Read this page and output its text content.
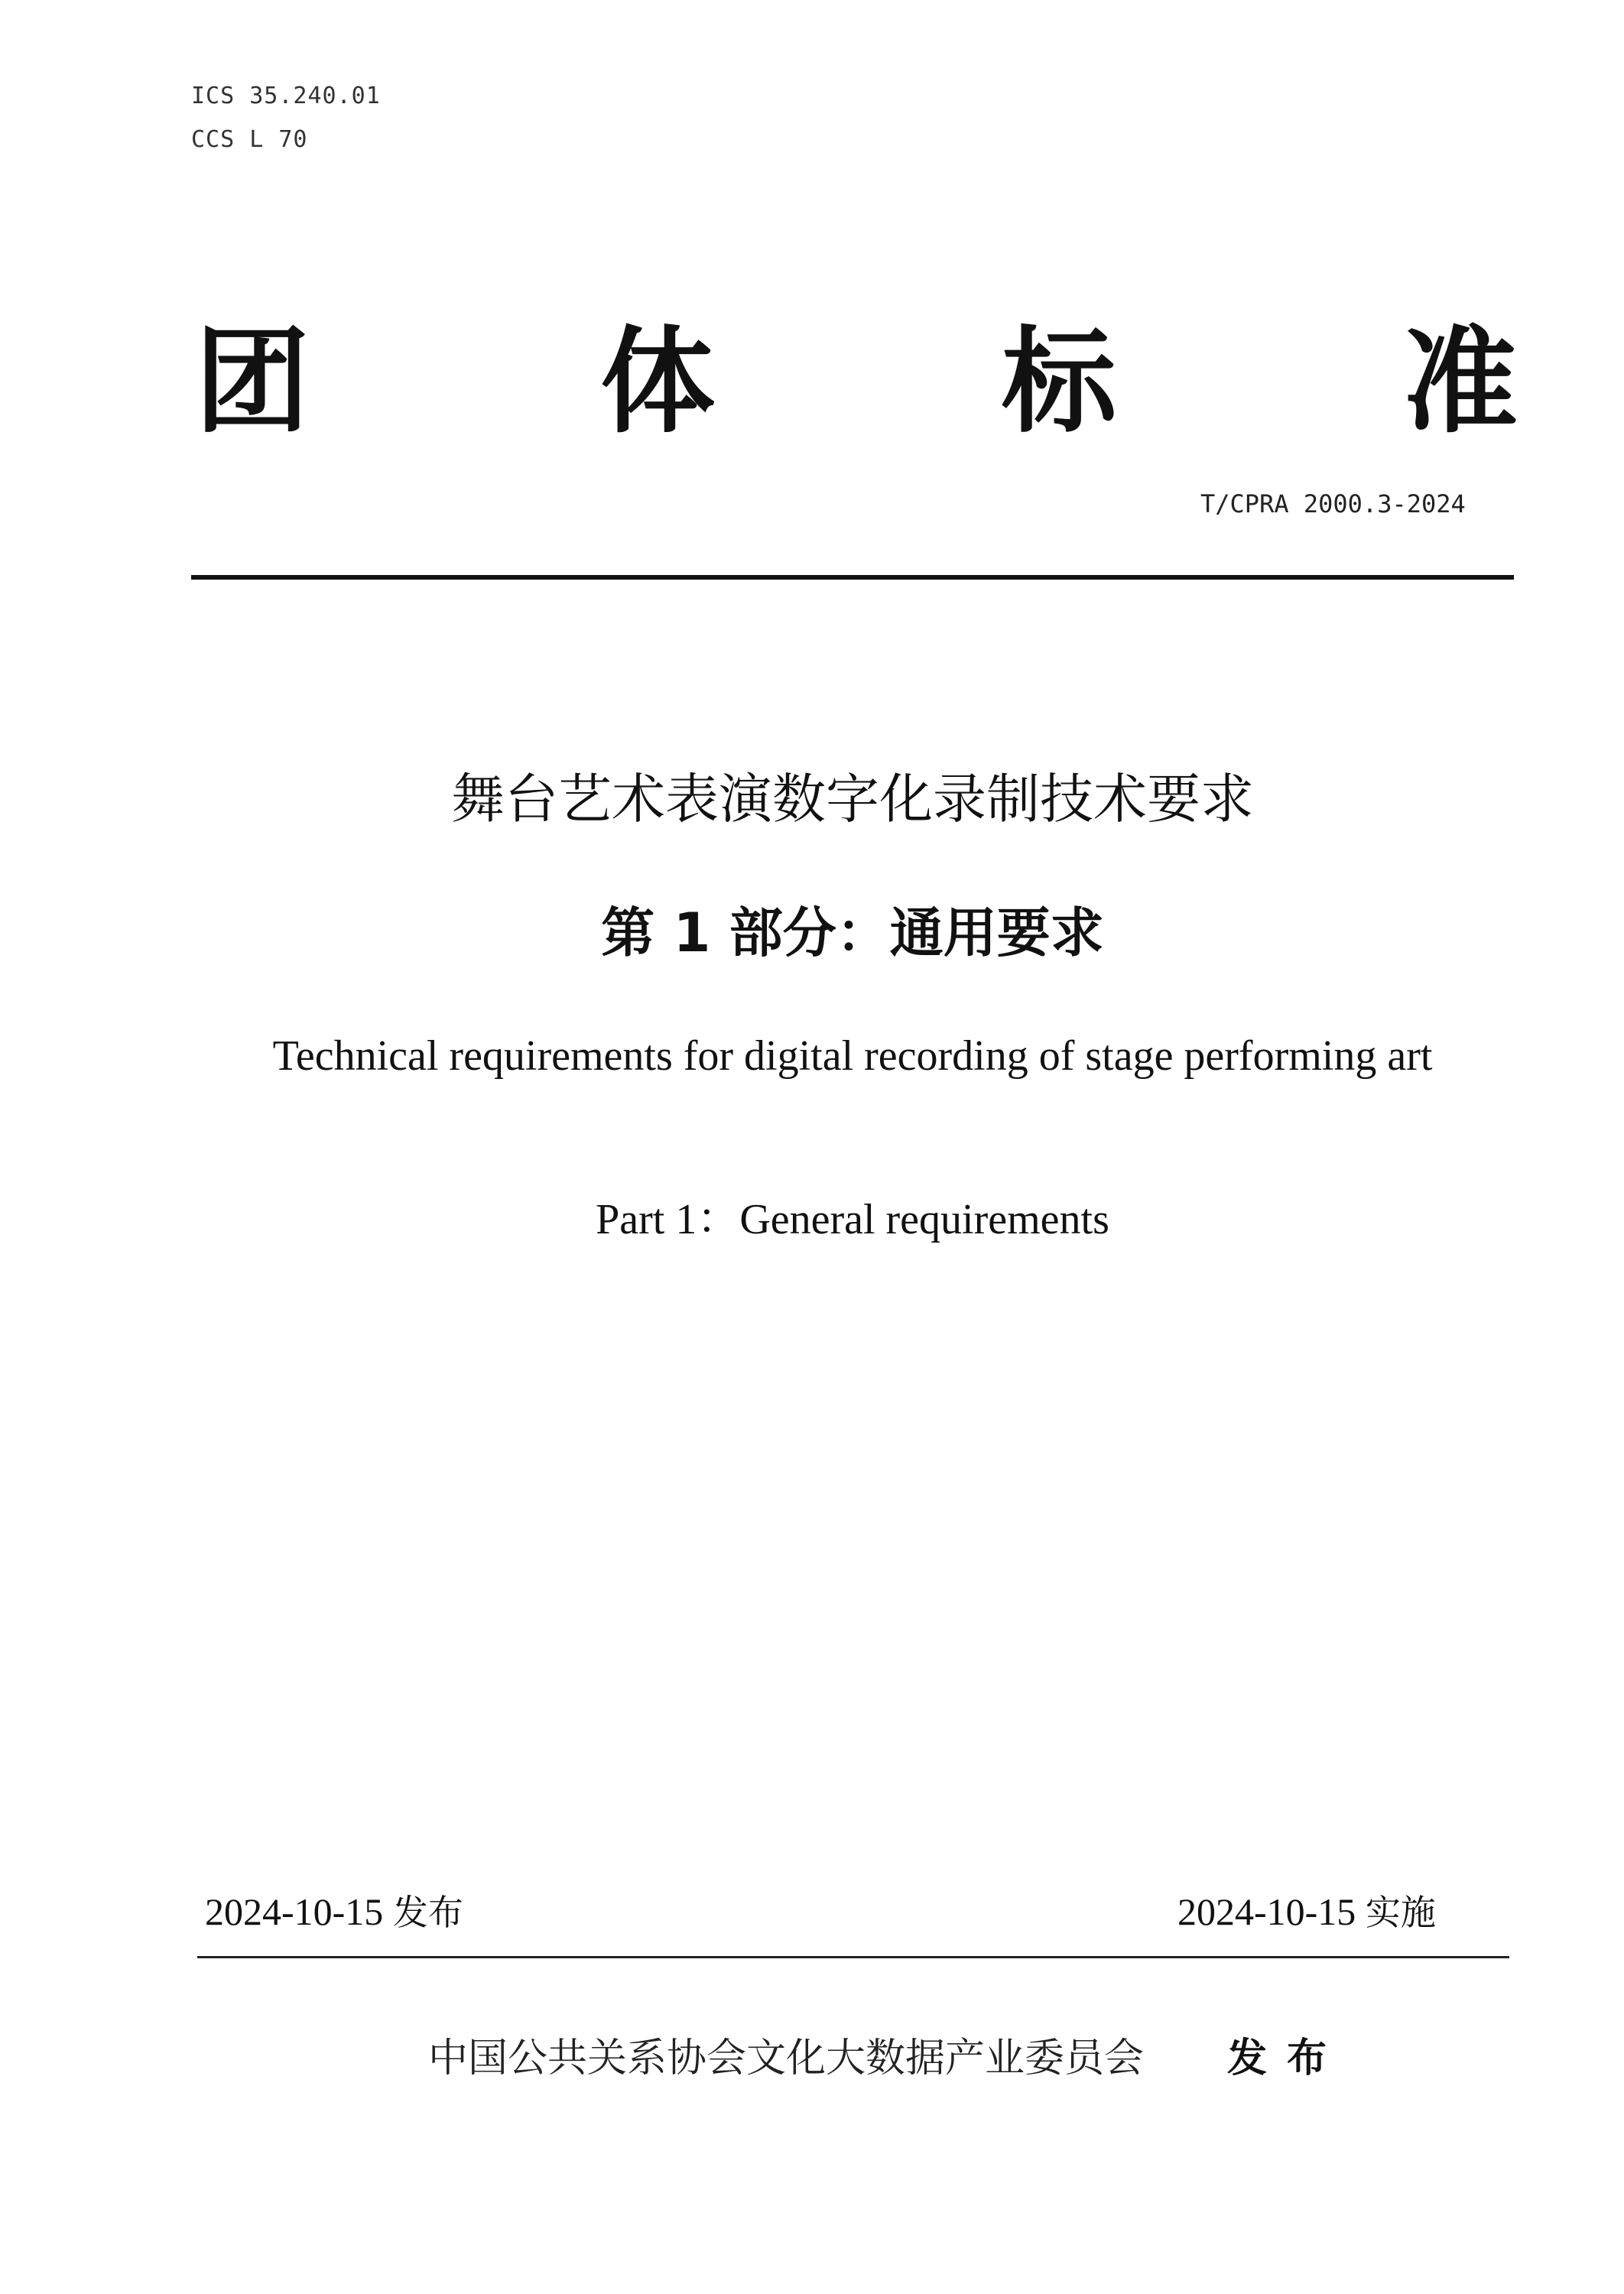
ICS 35.240.01
CCS L 70
团	体 标 准
T/CPRA 2000.3-2024
舞台艺术表演数字化录制技术要求
第 1 部分：通用要求
Technical requirements for digital recording of stage performing art
Part 1：General requirements
2024-10-15 发布	2024-10-15 实施
中国公共关系协会文化大数据产业委员会 发布
